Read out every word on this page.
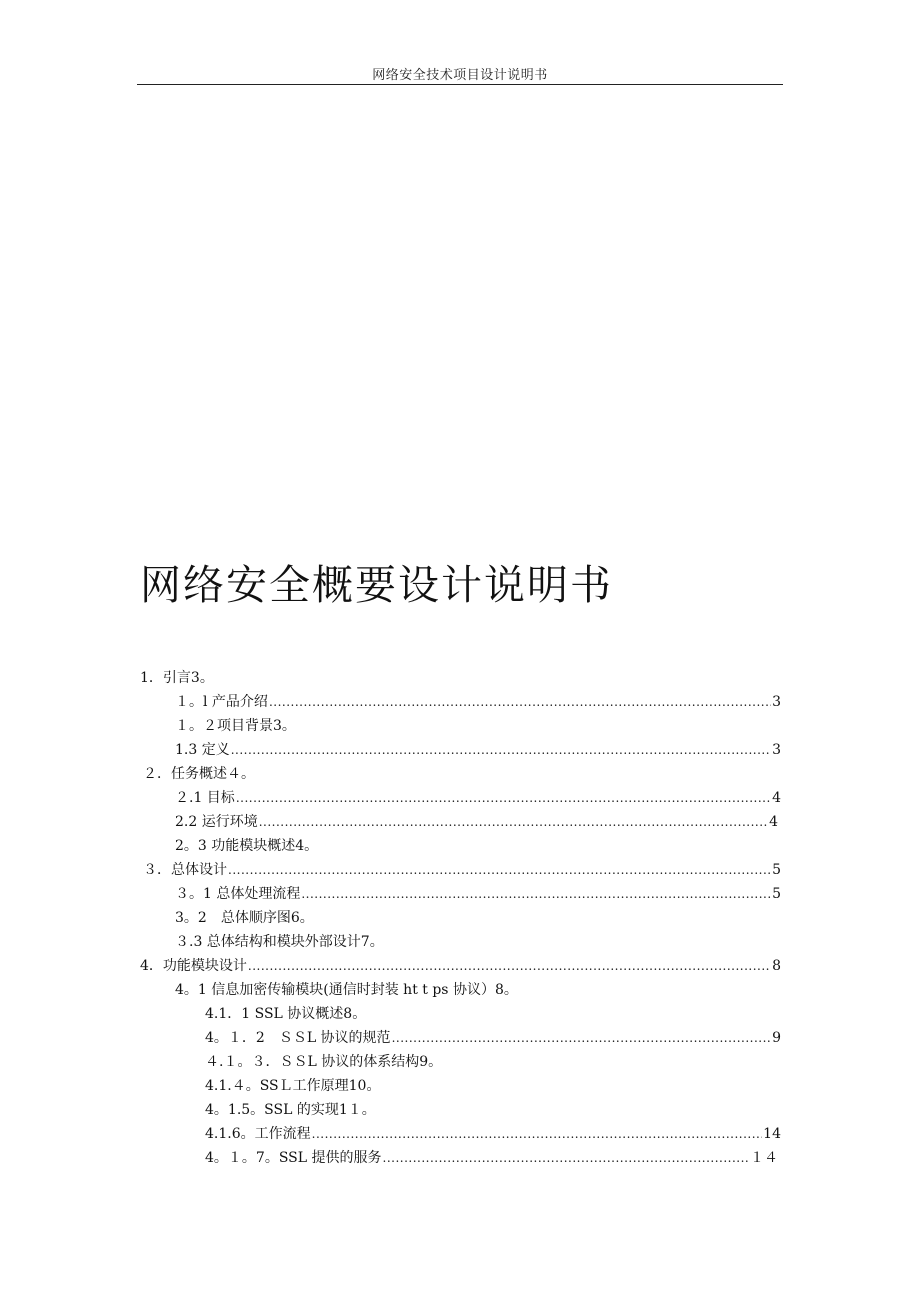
网络安全技术项目设计说明书
网络安全概要设计说明书
1．引言3。
１。l 产品介绍 .....	3
１。２项目背景3。
1.3 定义 .....	3
２．任务概述４。
２.1 目标 .....	4
2.2 运行环境 .....	4
2。3 功能模块概述4。
３．总体设计 .....	5
３。1 总体处理流程 .....	5
3。2　总体顺序图6。
３.3 总体结构和模块外部设计7。
4．功能模块设计 .....	8
4。1 信息加密传输模块(通信时封装 ht t ps 协议）8。
4.1．1 SSL 协议概述8。
4。１．2　ＳＳL 协议的规范 .....	9
４.１。３．ＳＳL 协议的体系结构9。
4.1.４。SSＬ工作原理10。
4。1.5。SSL 的实现1１。
4.1.6。工作流程 .....	14
4。１。7。SSL 提供的服务 .....	１４
